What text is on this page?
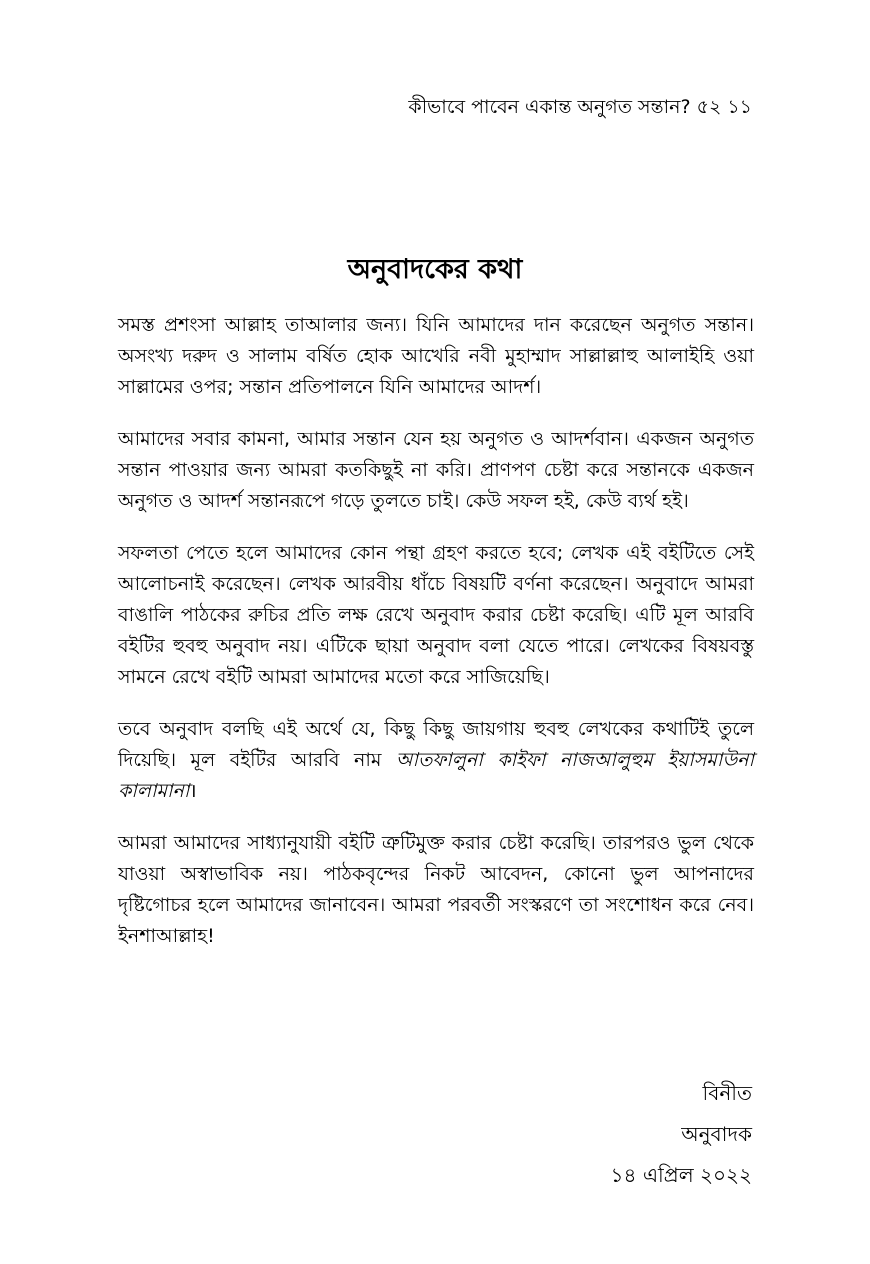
কীভাবে পাবেন একান্ত অনুগত সন্তান? ৫২ ১১
অনুবাদকের কথা

সমস্ত প্রশংসা আল্লাহ তাআলার জন্য। যিনি আমাদের দান করেছেন অনুগত সন্তান। অসংখ্য দরুদ ও সালাম বর্ষিত হোক আখেরি নবী মুহাম্মাদ সাল্লাল্লাহু আলাইহি ওয়া সাল্লামের ওপর; সন্তান প্রতিপালনে যিনি আমাদের আদর্শ।

আমাদের সবার কামনা, আমার সন্তান যেন হয় অনুগত ও আদর্শবান। একজন অনুগত সন্তান পাওয়ার জন্য আমরা কতকিছুই না করি। প্রাণপণ চেষ্টা করে সন্তানকে একজন অনুগত ও আদর্শ সন্তানরূপে গড়ে তুলতে চাই। কেউ সফল হই, কেউ ব্যর্থ হই।

সফলতা পেতে হলে আমাদের কোন পন্থা গ্রহণ করতে হবে; লেখক এই বইটিতে সেই আলোচনাই করেছেন। লেখক আরবীয় ধাঁচে বিষয়টি বর্ণনা করেছেন। অনুবাদে আমরা বাঙালি পাঠকের রুচির প্রতি লক্ষ রেখে অনুবাদ করার চেষ্টা করেছি। এটি মূল আরবি বইটির হুবহু অনুবাদ নয়। এটিকে ছায়া অনুবাদ বলা যেতে পারে। লেখকের বিষয়বস্তু সামনে রেখে বইটি আমরা আমাদের মতো করে সাজিয়েছি।

তবে অনুবাদ বলছি এই অর্থে যে, কিছু কিছু জায়গায় হুবহু লেখকের কথাটিই তুলে দিয়েছি। মূল বইটির আরবি নাম আতফালুনা কাইফা নাজআলুহুম ইয়াসমাউনা কালামানা।

আমরা আমাদের সাধ্যানুযায়ী বইটি ত্রুটিমুক্ত করার চেষ্টা করেছি। তারপরও ভুল থেকে যাওয়া অস্বাভাবিক নয়। পাঠকবৃন্দের নিকট আবেদন, কোনো ভুল আপনাদের দৃষ্টিগোচর হলে আমাদের জানাবেন। আমরা পরবর্তী সংস্করণে তা সংশোধন করে নেব। ইনশাআল্লাহ!

বিনীত
অনুবাদক
১৪ এপ্রিল ২০২২
